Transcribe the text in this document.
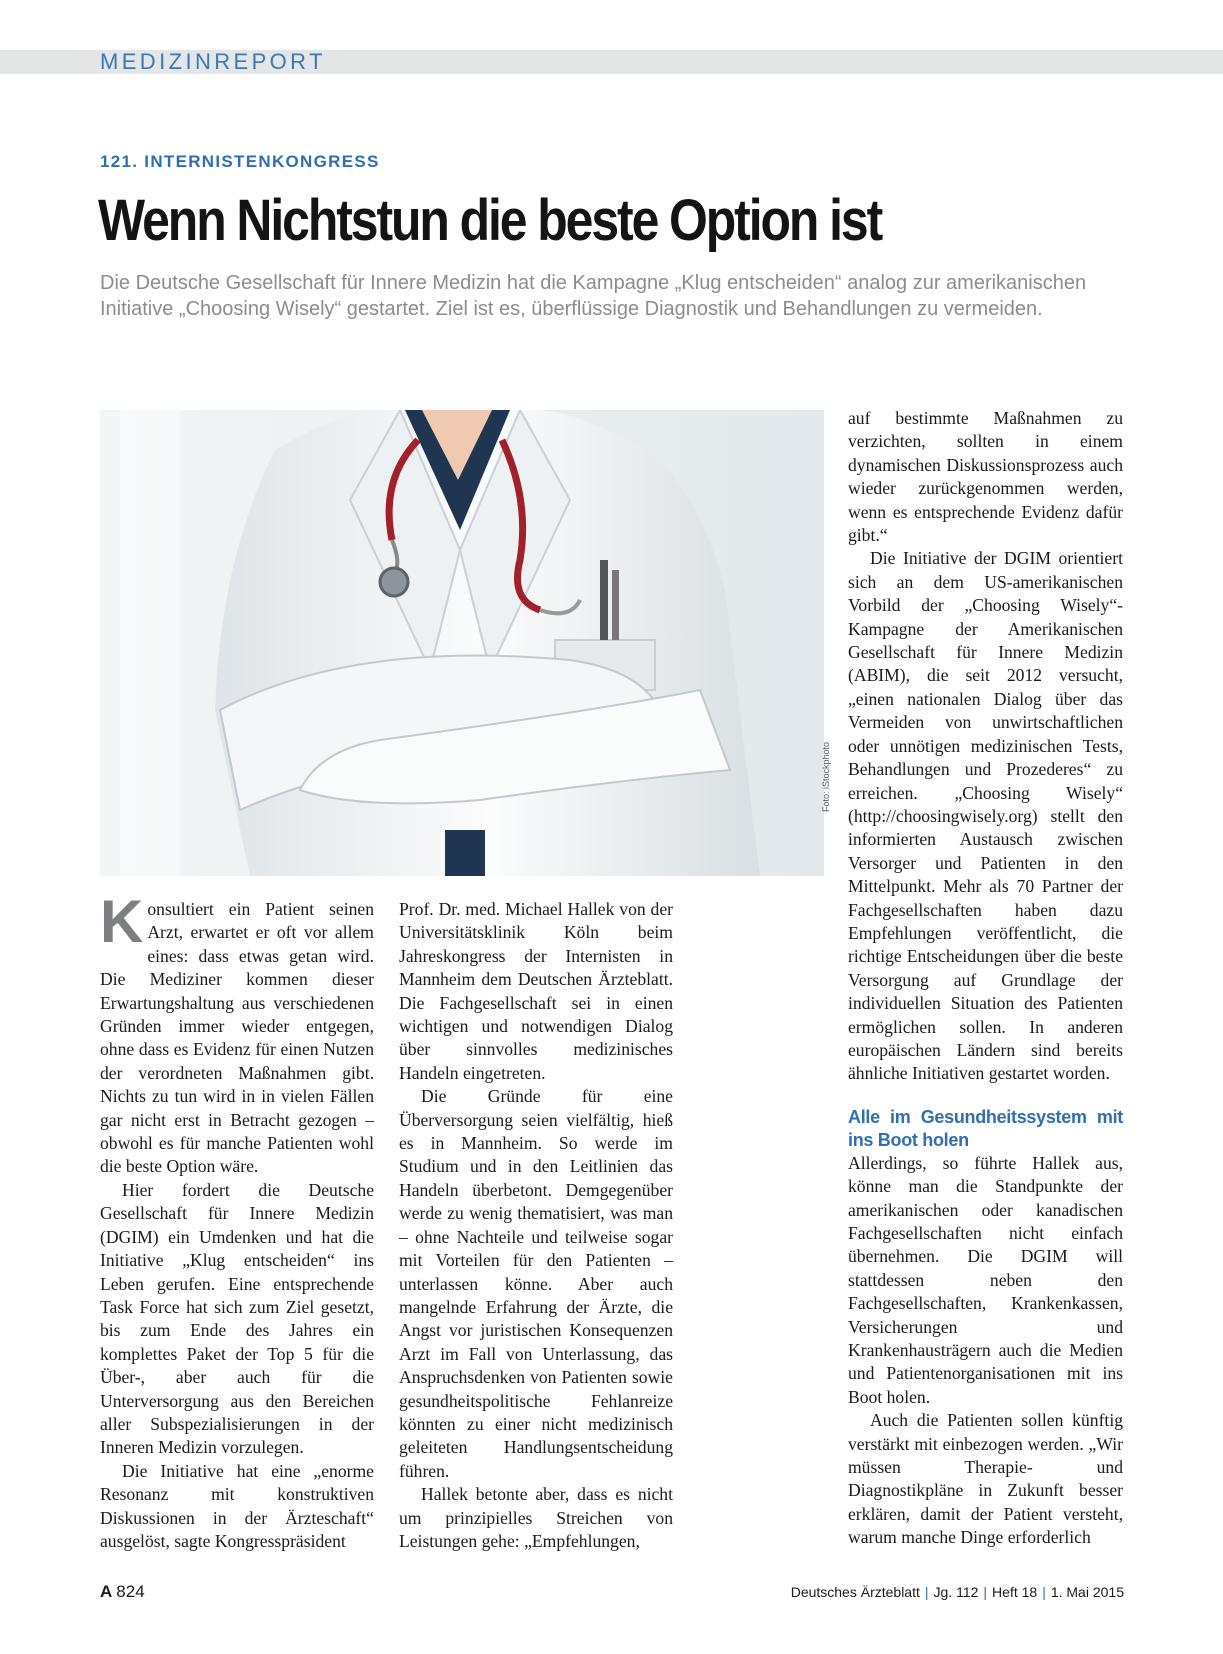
MEDIZINREPORT
121. INTERNISTENKONGRESS
Wenn Nichtstun die beste Option ist

Die Deutsche Gesellschaft für Innere Medizin hat die Kampagne „Klug entscheiden“ analog zur amerikanischen Initiative „Choosing Wisely“ gestartet. Ziel ist es, überflüssige Diagnostik und Behandlungen zu vermeiden.

Foto: iStockphoto

Konsultiert ein Patient seinen Arzt, erwartet er oft vor allem eines: dass etwas getan wird. Die Mediziner kommen dieser Erwartungshaltung aus verschiedenen Gründen immer wieder entgegen, ohne dass es Evidenz für einen Nutzen der verordneten Maßnahmen gibt. Nichts zu tun wird in in vielen Fällen gar nicht erst in Betracht gezogen – obwohl es für manche Patienten wohl die beste Option wäre.

Hier fordert die Deutsche Gesellschaft für Innere Medizin (DGIM) ein Umdenken und hat die Initiative „Klug entscheiden“ ins Leben gerufen. Eine entsprechende Task Force hat sich zum Ziel gesetzt, bis zum Ende des Jahres ein komplettes Paket der Top 5 für die Über-, aber auch für die Unterversorgung aus den Bereichen aller Subspezialisierungen in der Inneren Medizin vorzulegen.

Die Initiative hat eine „enorme Resonanz mit konstruktiven Diskussionen in der Ärzteschaft“ ausgelöst, sagte Kongresspräsident

Prof. Dr. med. Michael Hallek von der Universitätsklinik Köln beim Jahreskongress der Internisten in Mannheim dem Deutschen Ärzteblatt. Die Fachgesellschaft sei in einen wichtigen und notwendigen Dialog über sinnvolles medizinisches Handeln eingetreten.

Die Gründe für eine Überversorgung seien vielfältig, hieß es in Mannheim. So werde im Studium und in den Leitlinien das Handeln überbetont. Demgegenüber werde zu wenig thematisiert, was man – ohne Nachteile und teilweise sogar mit Vorteilen für den Patienten – unterlassen könne. Aber auch mangelnde Erfahrung der Ärzte, die Angst vor juristischen Konsequenzen Arzt im Fall von Unterlassung, das Anspruchsdenken von Patienten sowie gesundheitspolitische Fehlanreize könnten zu einer nicht medizinisch geleiteten Handlungsentscheidung führen.

Hallek betonte aber, dass es nicht um prinzipielles Streichen von Leistungen gehe: „Empfehlungen,

auf bestimmte Maßnahmen zu verzichten, sollten in einem dynamischen Diskussionsprozess auch wieder zurückgenommen werden, wenn es entsprechende Evidenz dafür gibt.“

Die Initiative der DGIM orientiert sich an dem US-amerikanischen Vorbild der „Choosing Wisely“-Kampagne der Amerikanischen Gesellschaft für Innere Medizin (ABIM), die seit 2012 versucht, „einen nationalen Dialog über das Vermeiden von unwirtschaftlichen oder unnötigen medizinischen Tests, Behandlungen und Prozederes“ zu erreichen. „Choosing Wisely“ (http://choosingwisely.org) stellt den informierten Austausch zwischen Versorger und Patienten in den Mittelpunkt. Mehr als 70 Partner der Fachgesellschaften haben dazu Empfehlungen veröffentlicht, die richtige Entscheidungen über die beste Versorgung auf Grundlage der individuellen Situation des Patienten ermöglichen sollen. In anderen europäischen Ländern sind bereits ähnliche Initiativen gestartet worden.

Alle im Gesundheitssystem mit ins Boot holen

Allerdings, so führte Hallek aus, könne man die Standpunkte der amerikanischen oder kanadischen Fachgesellschaften nicht einfach übernehmen. Die DGIM will stattdessen neben den Fachgesellschaften, Krankenkassen, Versicherungen und Krankenhausträgern auch die Medien und Patientenorganisationen mit ins Boot holen.

Auch die Patienten sollen künftig verstärkt mit einbezogen werden. „Wir müssen Therapie- und Diagnostikpläne in Zukunft besser erklären, damit der Patient versteht, warum manche Dinge erforderlich

A 824	Deutsches Ärzteblatt | Jg. 112 | Heft 18 | 1. Mai 2015
